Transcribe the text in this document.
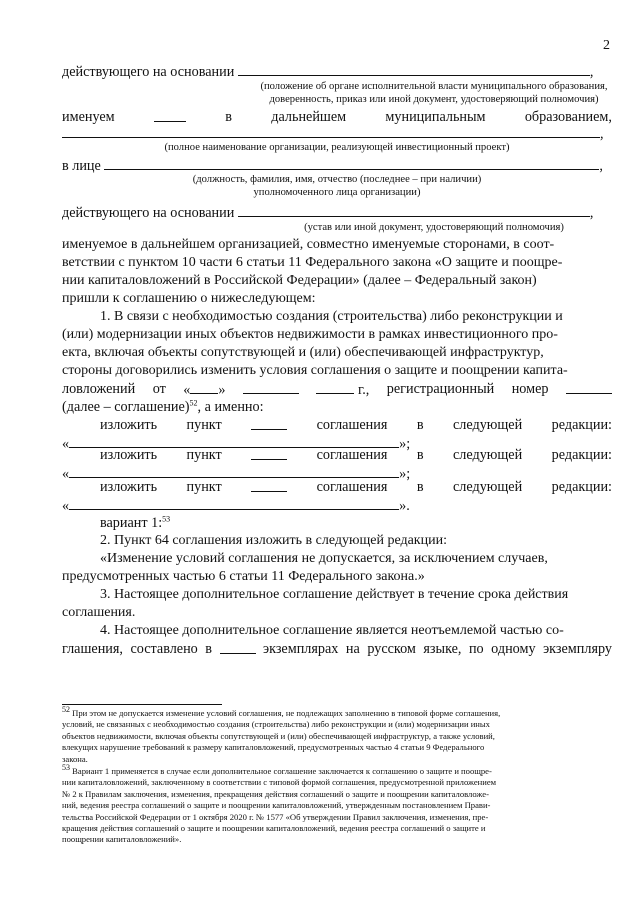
2
действующего на основании	,
(положение об органе исполнительной власти муниципального образования,
доверенность, приказ или иной документ, удостоверяющий полномочия)
именуем	в	дальнейшем	муниципальным	образованием,
,
(полное наименование организации, реализующей инвестиционный проект)
в лице	,
(должность, фамилия, имя, отчество (последнее – при наличии)
уполномоченного лица организации)
действующего на основании	,
(устав или иной документ, удостоверяющий полномочия)
именуемое в дальнейшем организацией, совместно именуемые сторонами, в соот-
ветствии с пунктом 10 части 6 статьи 11 Федерального закона «О защите и поощре-
нии капиталовложений в Российской Федерации» (далее – Федеральный закон)
пришли к соглашению о нижеследующем:
1. В связи с необходимостью создания (строительства) либо реконструкции и
(или) модернизации иных объектов недвижимости в рамках инвестиционного про-
екта, включая объекты сопутствующей и (или) обеспечивающей инфраструктур,
стороны договорились изменить условия соглашения о защите и поощрении капита-
ловложений от « »	г., регистрационный номер
(далее – соглашение)$^{52}$, а именно:
изложить пункт	соглашения в следующей редакции:
«	»;
изложить пункт	соглашения в следующей редакции:
«	»;
изложить пункт	соглашения в следующей редакции:
«	».
вариант 1:$^{53}$
2. Пункт 64 соглашения изложить в следующей редакции:
«Изменение условий соглашения не допускается, за исключением случаев,
предусмотренных частью 6 статьи 11 Федерального закона.»
3. Настоящее дополнительное соглашение действует в течение срока действия
соглашения.
4. Настоящее дополнительное соглашение является неотъемлемой частью со-
глашения, составлено в	экземплярах на русском языке, по одному экземпляру
$^{52}$ При этом не допускается изменение условий соглашения, не подлежащих заполнению в типовой форме соглашения,
условий, не связанных с необходимостью создания (строительства) либо реконструкции и (или) модернизации иных
объектов недвижимости, включая объекты сопутствующей и (или) обеспечивающей инфраструктур, а также условий,
влекущих нарушение требований к размеру капиталовложений, предусмотренных частью 4 статьи 9 Федерального
закона.
$^{53}$ Вариант 1 применяется в случае если дополнительное соглашение заключается к соглашению о защите и поощре-
нии капиталовложений, заключенному в соответствии с типовой формой соглашения, предусмотренной приложением
№ 2 к Правилам заключения, изменения, прекращения действия соглашений о защите и поощрении капиталовложе-
ний, ведения реестра соглашений о защите и поощрении капиталовложений, утвержденным постановлением Прави-
тельства Российской Федерации от 1 октября 2020 г. № 1577 «Об утверждении Правил заключения, изменения, пре-
кращения действия соглашений о защите и поощрении капиталовложений, ведения реестра соглашений о защите и
поощрении капиталовложений».
